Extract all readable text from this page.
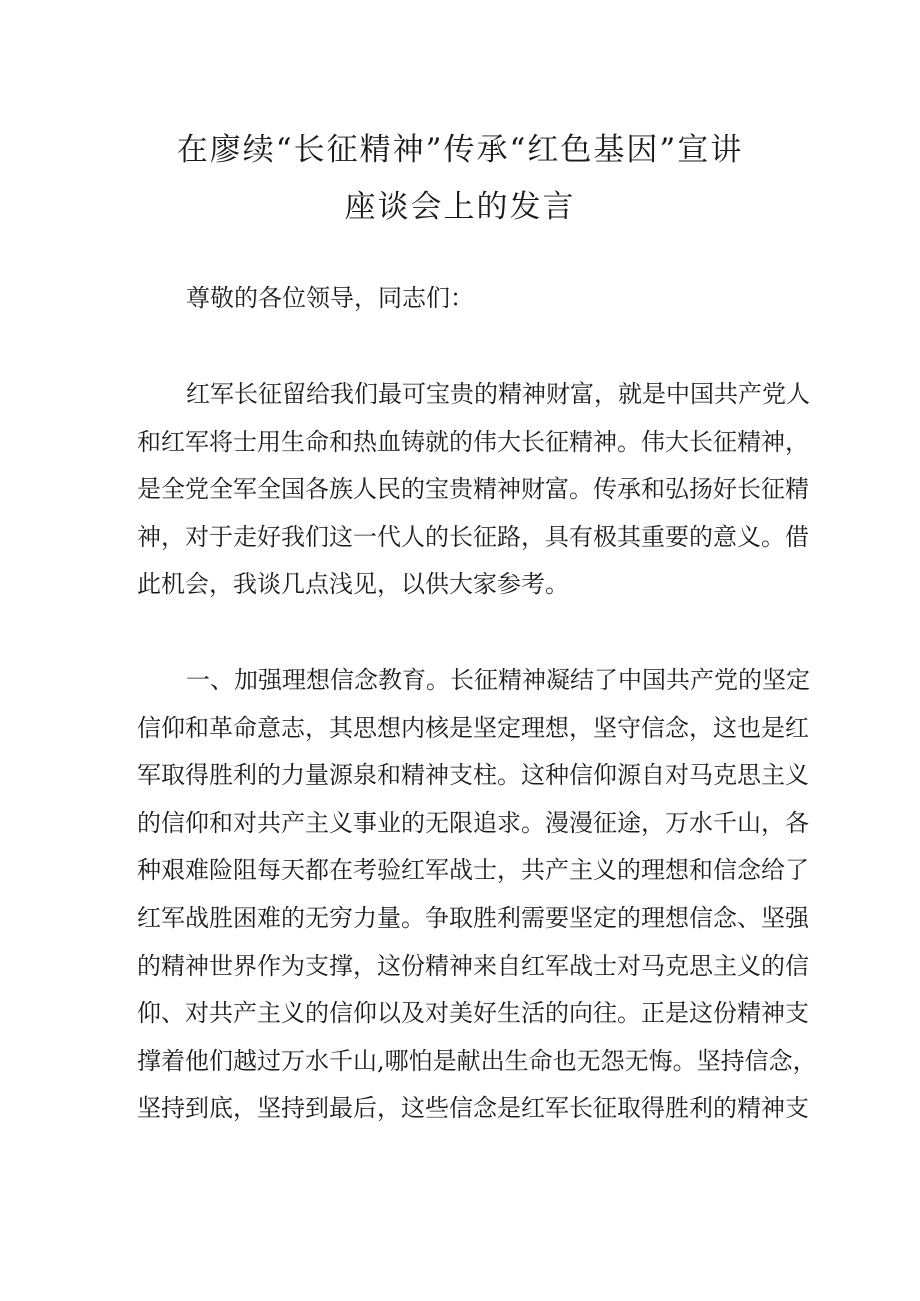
在廖续“长征精神”传承“红色基因”宣讲
座谈会上的发言
尊敬的各位领导，同志们：
红军长征留给我们最可宝贵的精神财富，就是中国共产党人
和红军将士用生命和热血铸就的伟大长征精神。伟大长征精神，
是全党全军全国各族人民的宝贵精神财富。传承和弘扬好长征精
神，对于走好我们这一代人的长征路，具有极其重要的意义。借
此机会，我谈几点浅见，以供大家参考。
一、加强理想信念教育。长征精神凝结了中国共产党的坚定
信仰和革命意志，其思想内核是坚定理想，坚守信念，这也是红
军取得胜利的力量源泉和精神支柱。这种信仰源自对马克思主义
的信仰和对共产主义事业的无限追求。漫漫征途，万水千山，各
种艰难险阻每天都在考验红军战士，共产主义的理想和信念给了
红军战胜困难的无穷力量。争取胜利需要坚定的理想信念、坚强
的精神世界作为支撑，这份精神来自红军战士对马克思主义的信
仰、对共产主义的信仰以及对美好生活的向往。正是这份精神支
撑着他们越过万水千山,哪怕是献出生命也无怨无悔。坚持信念，
坚持到底，坚持到最后，这些信念是红军长征取得胜利的精神支
